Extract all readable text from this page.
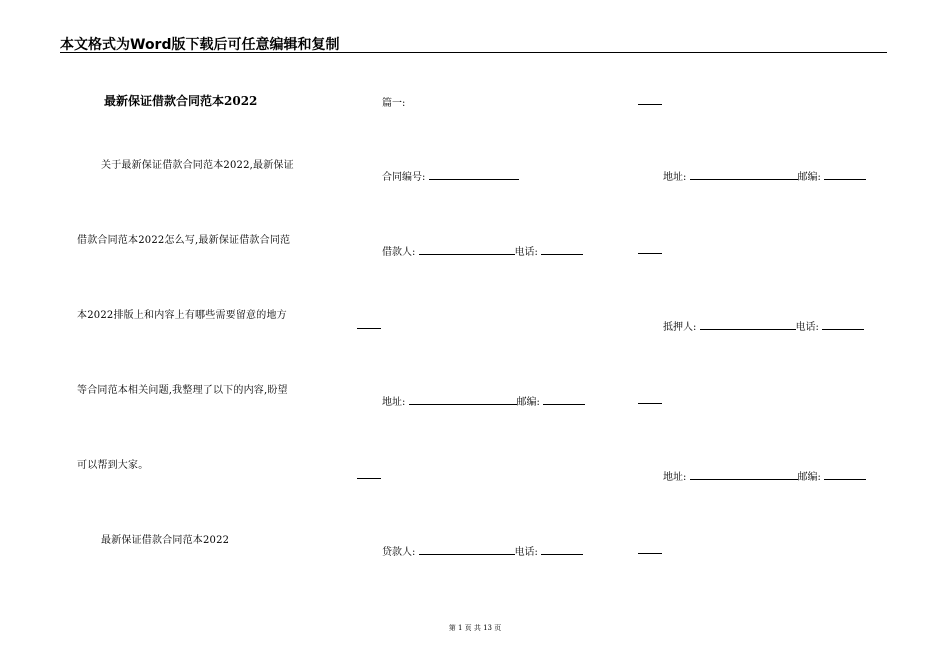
本文格式为Word版下载后可任意编辑和复制
最新保证借款合同范本2022
关于最新保证借款合同范本2022,最新保证
借款合同范本2022怎么写,最新保证借款合同范
本2022排版上和内容上有哪些需要留意的地方
等合同范本相关问题,我整理了以下的内容,盼望
可以帮到大家。
最新保证借款合同范本2022
篇一:
合同编号:	地址:	邮编:
借款人:	电话:
抵押人:	电话:
地址:	邮编:
地址:	邮编:
贷款人:	电话:
第 1 页 共 13 页
